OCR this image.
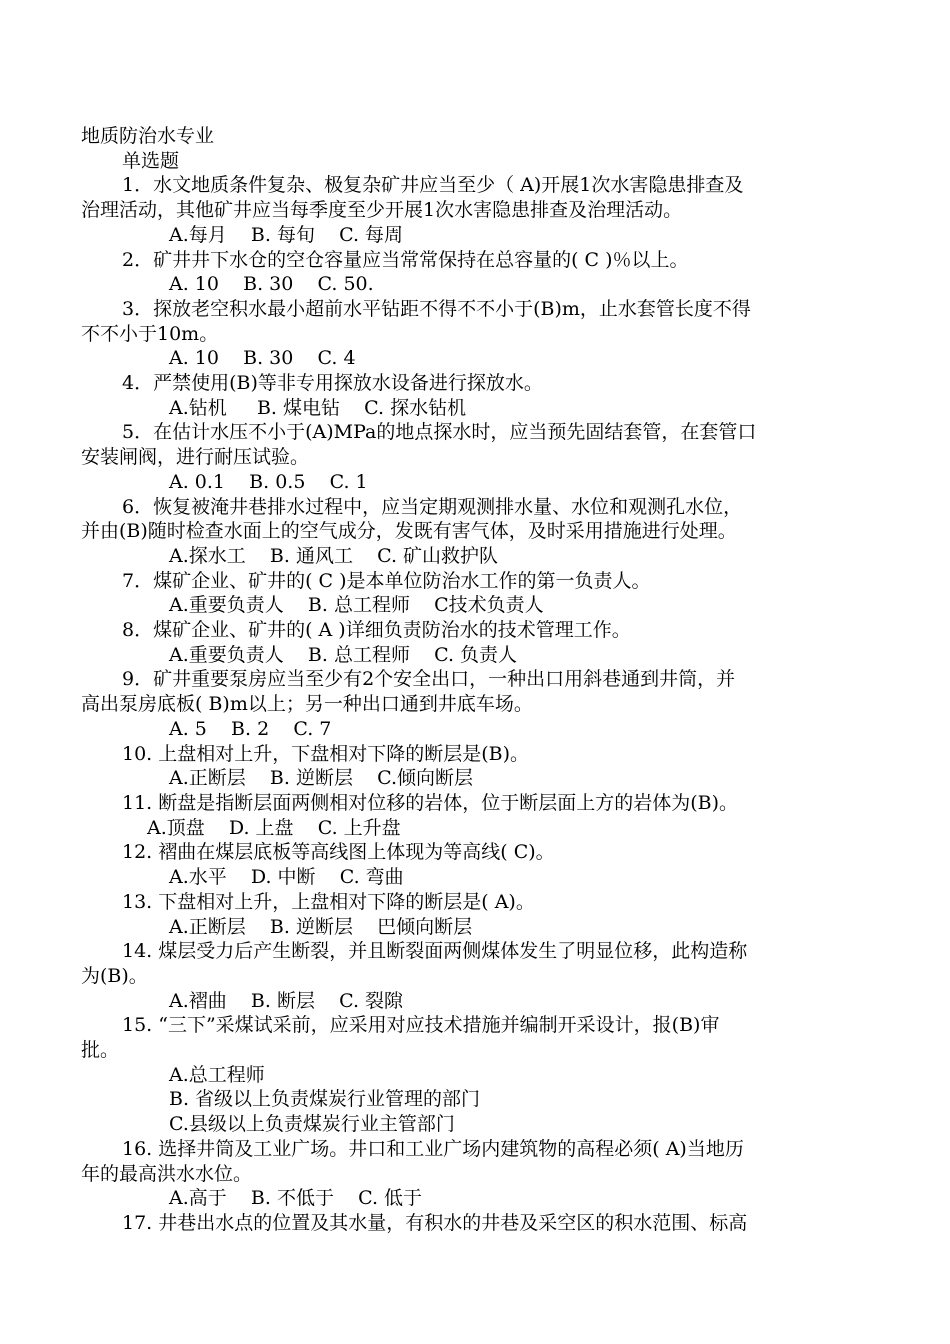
地质防治水专业
单选题
1．水文地质条件复杂、极复杂矿井应当至少（ A)开展1次水害隐患排查及
治理活动，其他矿井应当每季度至少开展1次水害隐患排查及治理活动。
A.每月    B. 每旬    C. 每周
2．矿井井下水仓的空仓容量应当常常保持在总容量的( C )％以上。
A. 10    B. 30    C. 50.
3．探放老空积水最小超前水平钻距不得不不小于(B)m，止水套管长度不得
不不小于10m。
A. 10    B. 30    C. 4
4．严禁使用(B)等非专用探放水设备进行探放水。
A.钻机     B. 煤电钻    C. 探水钻机
5．在估计水压不小于(A)MPa的地点探水时，应当预先固结套管，在套管口
安装闸阀，进行耐压试验。
A. 0.1    B. 0.5    C. 1
6．恢复被淹井巷排水过程中，应当定期观测排水量、水位和观测孔水位，
并由(B)随时检查水面上的空气成分，发既有害气体，及时采用措施进行处理。
A.探水工    B. 通风工    C. 矿山救护队
7．煤矿企业、矿井的( C )是本单位防治水工作的第一负责人。
A.重要负责人    B. 总工程师    C技术负责人
8．煤矿企业、矿井的( A )详细负责防治水的技术管理工作。
A.重要负责人    B. 总工程师    C. 负责人
9．矿井重要泵房应当至少有2个安全出口，一种出口用斜巷通到井筒，并
高出泵房底板( B)m以上；另一种出口通到井底车场。
A. 5    B. 2    C. 7
10. 上盘相对上升，下盘相对下降的断层是(B)。
A.正断层    B. 逆断层    C.倾向断层
11. 断盘是指断层面两侧相对位移的岩体，位于断层面上方的岩体为(B)。
A.顶盘    D. 上盘    C. 上升盘
12. 褶曲在煤层底板等高线图上体现为等高线( C)。
A.水平    D. 中断    C. 弯曲
13. 下盘相对上升，上盘相对下降的断层是( A)。
A.正断层    B. 逆断层    巴倾向断层
14. 煤层受力后产生断裂，并且断裂面两侧煤体发生了明显位移，此构造称
为(B)。
A.褶曲    B. 断层    C. 裂隙
15. “三下”采煤试采前，应采用对应技术措施并编制开采设计，报(B)审
批。
A.总工程师
B. 省级以上负责煤炭行业管理的部门
C.县级以上负责煤炭行业主管部门
16. 选择井筒及工业广场。井口和工业广场内建筑物的高程必须( A)当地历
年的最高洪水水位。
A.高于    B. 不低于    C. 低于
17. 井巷出水点的位置及其水量，有积水的井巷及采空区的积水范围、标高
